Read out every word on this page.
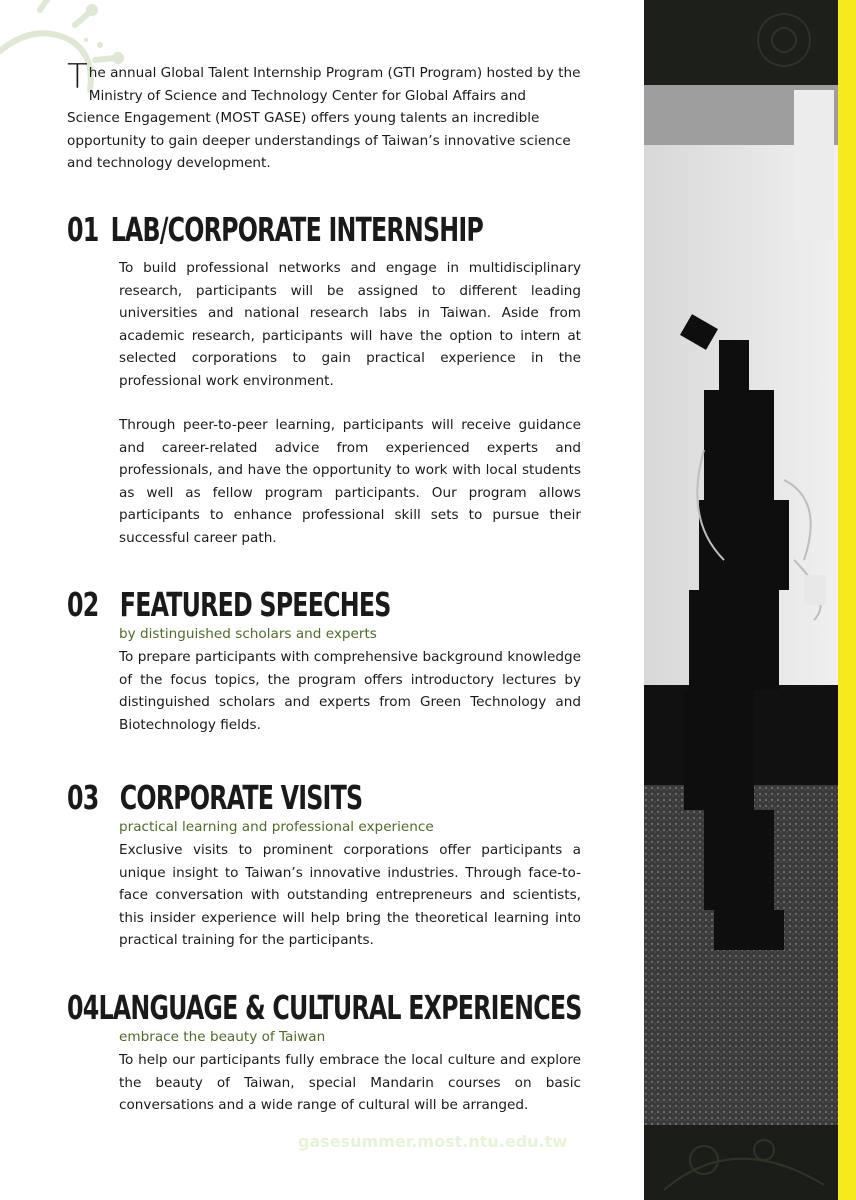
The annual Global Talent Internship Program (GTI Program) hosted by the Ministry of Science and Technology Center for Global Affairs and Science Engagement (MOST GASE) offers young talents an incredible opportunity to gain deeper understandings of Taiwan’s innovative science and technology development.
01 LAB/CORPORATE INTERNSHIP

To build professional networks and engage in multidisciplinary research, participants will be assigned to different leading universities and national research labs in Taiwan. Aside from academic research, participants will have the option to intern at selected corporations to gain practical experience in the professional work environment.

Through peer-to-peer learning, participants will receive guidance and career-related advice from experienced experts and professionals, and have the opportunity to work with local students as well as fellow program participants. Our program allows participants to enhance professional skill sets to pursue their successful career path.

02 FEATURED SPEECHES
by distinguished scholars and experts

To prepare participants with comprehensive background knowledge of the focus topics, the program offers introductory lectures by distinguished scholars and experts from Green Technology and Biotechnology fields.

03 CORPORATE VISITS
practical learning and professional experience

Exclusive visits to prominent corporations offer participants a unique insight to Taiwan’s innovative industries. Through face-to-face conversation with outstanding entrepreneurs and scientists, this insider experience will help bring the theoretical learning into practical training for the participants.

04 LANGUAGE & CULTURAL EXPERIENCES
embrace the beauty of Taiwan

To help our participants fully embrace the local culture and explore the beauty of Taiwan, special Mandarin courses on basic conversations and a wide range of cultural will be arranged.

gasesummer.most.ntu.edu.tw
